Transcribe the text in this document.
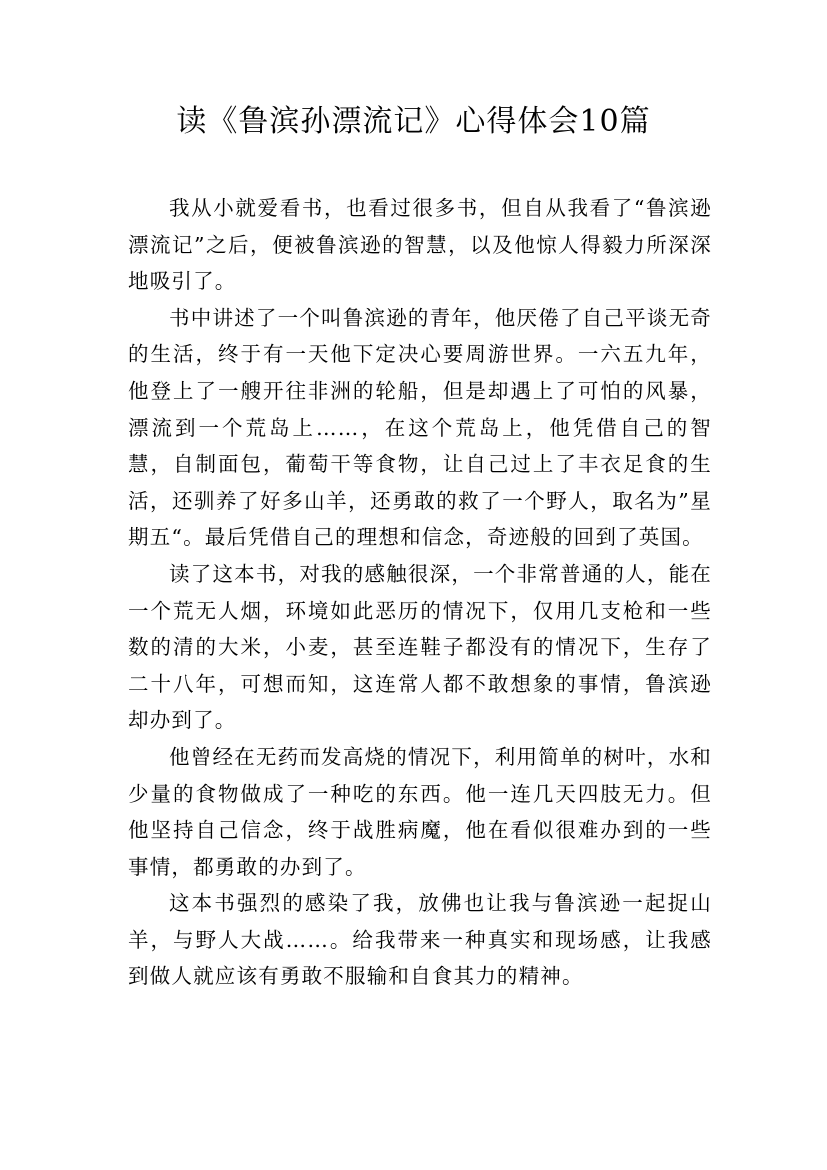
读《鲁滨孙漂流记》心得体会10篇

我从小就爱看书，也看过很多书，但自从我看了“鲁滨逊漂流记”之后，便被鲁滨逊的智慧，以及他惊人得毅力所深深地吸引了。

书中讲述了一个叫鲁滨逊的青年，他厌倦了自己平谈无奇的生活，终于有一天他下定决心要周游世界。一六五九年，他登上了一艘开往非洲的轮船，但是却遇上了可怕的风暴，漂流到一个荒岛上……，在这个荒岛上，他凭借自己的智慧，自制面包，葡萄干等食物，让自己过上了丰衣足食的生活，还驯养了好多山羊，还勇敢的救了一个野人，取名为”星期五“。最后凭借自己的理想和信念，奇迹般的回到了英国。

读了这本书，对我的感触很深，一个非常普通的人，能在一个荒无人烟，环境如此恶历的情况下，仅用几支枪和一些数的清的大米，小麦，甚至连鞋子都没有的情况下，生存了二十八年，可想而知，这连常人都不敢想象的事情，鲁滨逊却办到了。

他曾经在无药而发高烧的情况下，利用简单的树叶，水和少量的食物做成了一种吃的东西。他一连几天四肢无力。但他坚持自己信念，终于战胜病魔，他在看似很难办到的一些事情，都勇敢的办到了。

这本书强烈的感染了我，放佛也让我与鲁滨逊一起捉山羊，与野人大战……。给我带来一种真实和现场感，让我感到做人就应该有勇敢不服输和自食其力的精神。
